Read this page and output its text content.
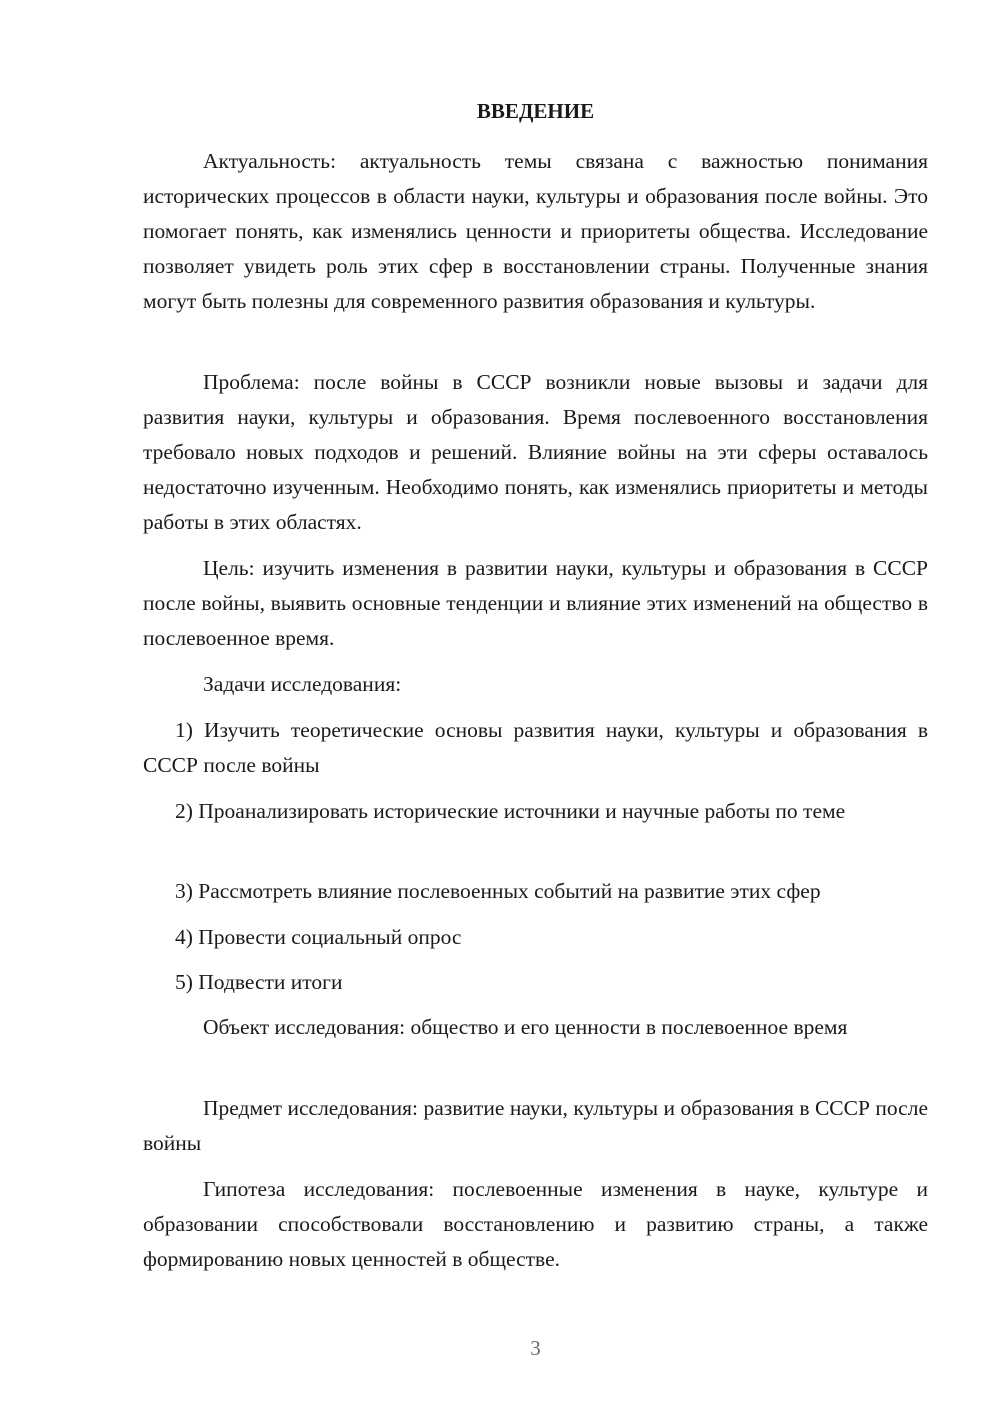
ВВЕДЕНИЕ

Актуальность: актуальность темы связана с важностью понимания исторических процессов в области науки, культуры и образования после войны. Это помогает понять, как изменялись ценности и приоритеты общества. Исследование позволяет увидеть роль этих сфер в восстановлении страны. Полученные знания могут быть полезны для современного развития образования и культуры.

Проблема: после войны в СССР возникли новые вызовы и задачи для развития науки, культуры и образования. Время послевоенного восстановления требовало новых подходов и решений. Влияние войны на эти сферы оставалось недостаточно изученным. Необходимо понять, как изменялись приоритеты и методы работы в этих областях.

Цель: изучить изменения в развитии науки, культуры и образования в СССР после войны, выявить основные тенденции и влияние этих изменений на общество в послевоенное время.

Задачи исследования:

1) Изучить теоретические основы развития науки, культуры и образования в СССР после войны

2) Проанализировать исторические источники и научные работы по теме

3) Рассмотреть влияние послевоенных событий на развитие этих сфер

4) Провести социальный опрос

5) Подвести итоги

Объект исследования: общество и его ценности в послевоенное время

Предмет исследования: развитие науки, культуры и образования в СССР после войны

Гипотеза исследования: послевоенные изменения в науке, культуре и образовании способствовали восстановлению и развитию страны, а также формированию новых ценностей в обществе.

3
